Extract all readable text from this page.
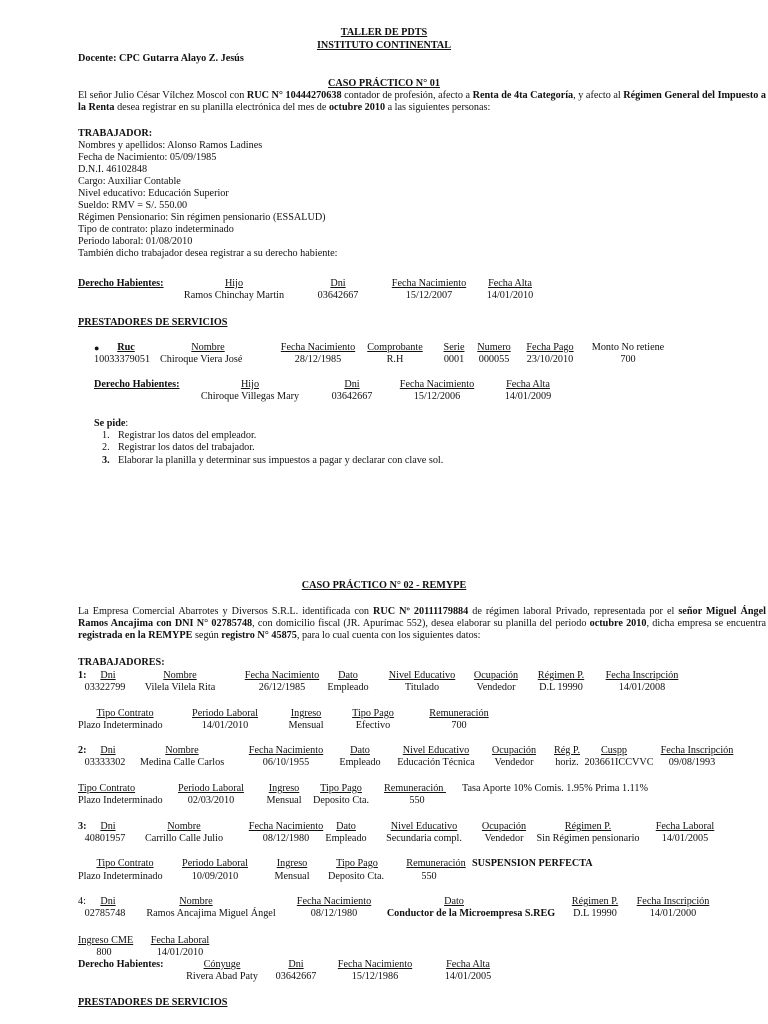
TALLER DE PDTS
INSTITUTO CONTINENTAL
Docente: CPC Gutarra Alayo Z. Jesús
CASO PRÁCTICO N° 01
El señor Julio César Vílchez Moscol con RUC N° 10444270638 contador de profesión, afecto a Renta de 4ta Categoría, y afecto al Régimen General del Impuesto a la Renta desea registrar en su planilla electrónica del mes de octubre 2010 a las siguientes personas:
TRABAJADOR:
Nombres y apellidos: Alonso Ramos Ladines
Fecha de Nacimiento: 05/09/1985
D.N.I. 46102848
Cargo: Auxiliar Contable
Nivel educativo: Educación Superior
Sueldo: RMV = S/. 550.00
Régimen Pensionario: Sin régimen pensionario (ESSALUD)
Tipo de contrato: plazo indeterminado
Periodo laboral: 01/08/2010
También dicho trabajador desea registrar a su derecho habiente:
Derecho Habientes:	Hijo	Dni	Fecha Nacimiento	Fecha Alta
Ramos Chinchay Martin	03642667	15/12/2007	14/01/2010
PRESTADORES DE SERVICIOS
●	Ruc	Nombre	Fecha Nacimiento	Comprobante	Serie	Numero	Fecha Pago	Monto No retiene
10033379051 Chiroque Viera José	28/12/1985	R.H	0001	000055	23/10/2010	700
Derecho Habientes:	Hijo	Dni	Fecha Nacimiento	Fecha Alta
Chiroque Villegas Mary	03642667	15/12/2006	14/01/2009
Se pide:
1. Registrar los datos del empleador.
2. Registrar los datos del trabajador.
3. Elaborar la planilla y determinar sus impuestos a pagar y declarar con clave sol.
CASO PRÁCTICO N° 02 - REMYPE
La Empresa Comercial Abarrotes y Diversos S.R.L. identificada con RUC Nº 20111179884 de régimen laboral Privado, representada por el señor Miguel Ángel Ramos Ancajima con DNI N° 02785748, con domicilio fiscal (JR. Apurímac 552), desea elaborar su planilla del periodo octubre 2010, dicha empresa se encuentra registrada en la REMYPE según registro N° 45875, para lo cual cuenta con los siguientes datos:
TRABAJADORES:
1:	Dni	Nombre	Fecha Nacimiento	Dato	Nivel Educativo	Ocupación	Régimen P.	Fecha Inscripción
03322799	Vilela Vilela Rita	26/12/1985	Empleado	Titulado	Vendedor	D.L 19990	14/01/2008
Tipo Contrato	Periodo Laboral	Ingreso	Tipo Pago	Remuneración
Plazo Indeterminado	14/01/2010	Mensual	Efectivo	700
2:	Dni	Nombre	Fecha Nacimiento	Dato	Nivel Educativo	Ocupación	Rég P.	Cuspp	Fecha Inscripción
03333302	Medina Calle Carlos	06/10/1955	Empleado	Educación Técnica	Vendedor	horiz. 203661ICCVVC	09/08/1993
Tipo Contrato	Periodo Laboral	Ingreso	Tipo Pago	Remuneración Tasa Aporte 10% Comis. 1.95% Prima 1.11%
Plazo Indeterminado	02/03/2010	Mensual	Deposito Cta.	550
3:	Dni	Nombre	Fecha Nacimiento	Dato	Nivel Educativo	Ocupación	Régimen P.	Fecha Laboral
40801957	Carrillo Calle Julio	08/12/1980	Empleado	Secundaria compl.	Vendedor	Sin Régimen pensionario	14/01/2005
Tipo Contrato	Periodo Laboral	Ingreso	Tipo Pago	Remuneración SUSPENSION PERFECTA
Plazo Indeterminado	10/09/2010	Mensual	Deposito Cta.	550
4:	Dni	Nombre	Fecha Nacimiento	Dato	Régimen P.	Fecha Inscripción
02785748	Ramos Ancajima Miguel Ángel	08/12/1980	Conductor de la Microempresa S.REG	D.L 19990	14/01/2000
Ingreso CME	Fecha Laboral
800	14/01/2010
Derecho Habientes:	Cónyuge	Dni	Fecha Nacimiento	Fecha Alta
Rivera Abad Paty	03642667	15/12/1986	14/01/2005
PRESTADORES DE SERVICIOS
